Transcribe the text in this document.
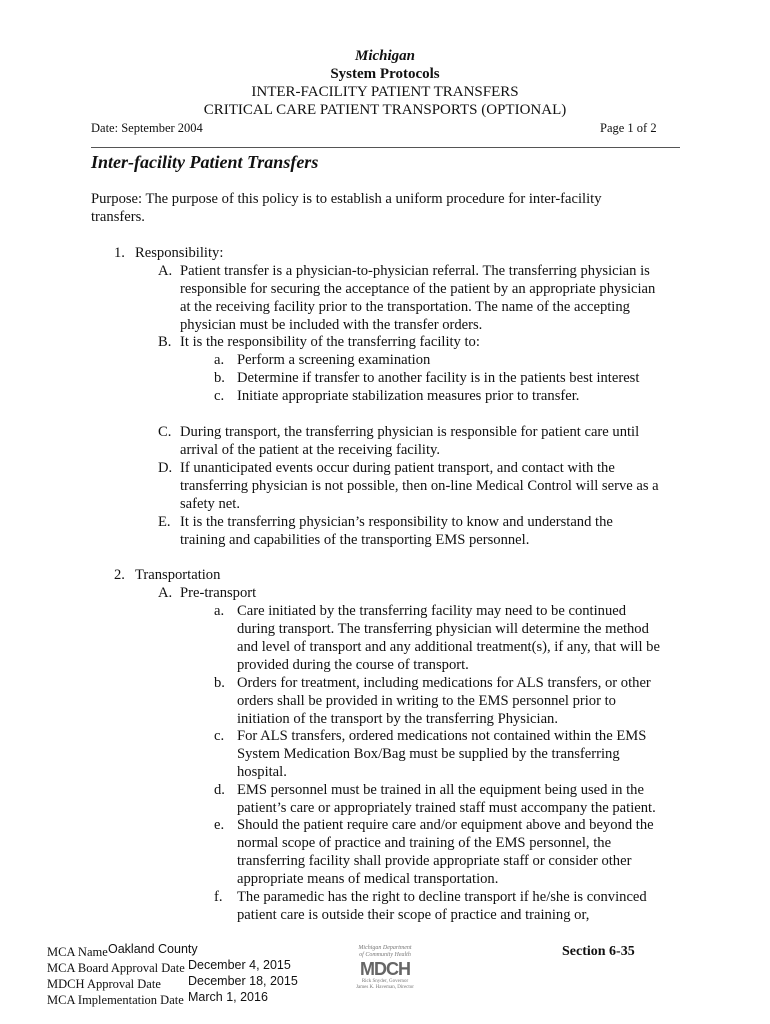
Michigan
System Protocols
INTER-FACILITY PATIENT TRANSFERS
CRITICAL CARE PATIENT TRANSPORTS (OPTIONAL)
Date: September 2004	Page 1 of 2
Inter-facility Patient Transfers
Purpose: The purpose of this policy is to establish a uniform procedure for inter-facility
transfers.
1. Responsibility:
A. Patient transfer is a physician-to-physician referral. The transferring physician is
responsible for securing the acceptance of the patient by an appropriate physician
at the receiving facility prior to the transportation. The name of the accepting
physician must be included with the transfer orders.
B. It is the responsibility of the transferring facility to:
a. Perform a screening examination
b. Determine if transfer to another facility is in the patients best interest
c. Initiate appropriate stabilization measures prior to transfer.
C. During transport, the transferring physician is responsible for patient care until
arrival of the patient at the receiving facility.
D. If unanticipated events occur during patient transport, and contact with the
transferring physician is not possible, then on-line Medical Control will serve as a
safety net.
E. It is the transferring physician’s responsibility to know and understand the
training and capabilities of the transporting EMS personnel.
2. Transportation
A. Pre-transport
a. Care initiated by the transferring facility may need to be continued
during transport. The transferring physician will determine the method
and level of transport and any additional treatment(s), if any, that will be
provided during the course of transport.
b. Orders for treatment, including medications for ALS transfers, or other
orders shall be provided in writing to the EMS personnel prior to
initiation of the transport by the transferring Physician.
c. For ALS transfers, ordered medications not contained within the EMS
System Medication Box/Bag must be supplied by the transferring
hospital.
d. EMS personnel must be trained in all the equipment being used in the
patient’s care or appropriately trained staff must accompany the patient.
e. Should the patient require care and/or equipment above and beyond the
normal scope of practice and training of the EMS personnel, the
transferring facility shall provide appropriate staff or consider other
appropriate means of medical transportation.
f. The paramedic has the right to decline transport if he/she is convinced
patient care is outside their scope of practice and training or,
MCA Name Oakland County
MCA Board Approval Date December 4, 2015
MDCH Approval Date December 18, 2015
MCA Implementation Date March 1, 2016
Michigan Department
of Community Health
MDCH
Rick Snyder, Governor
James K. Haveman, Director
Section 6-35
